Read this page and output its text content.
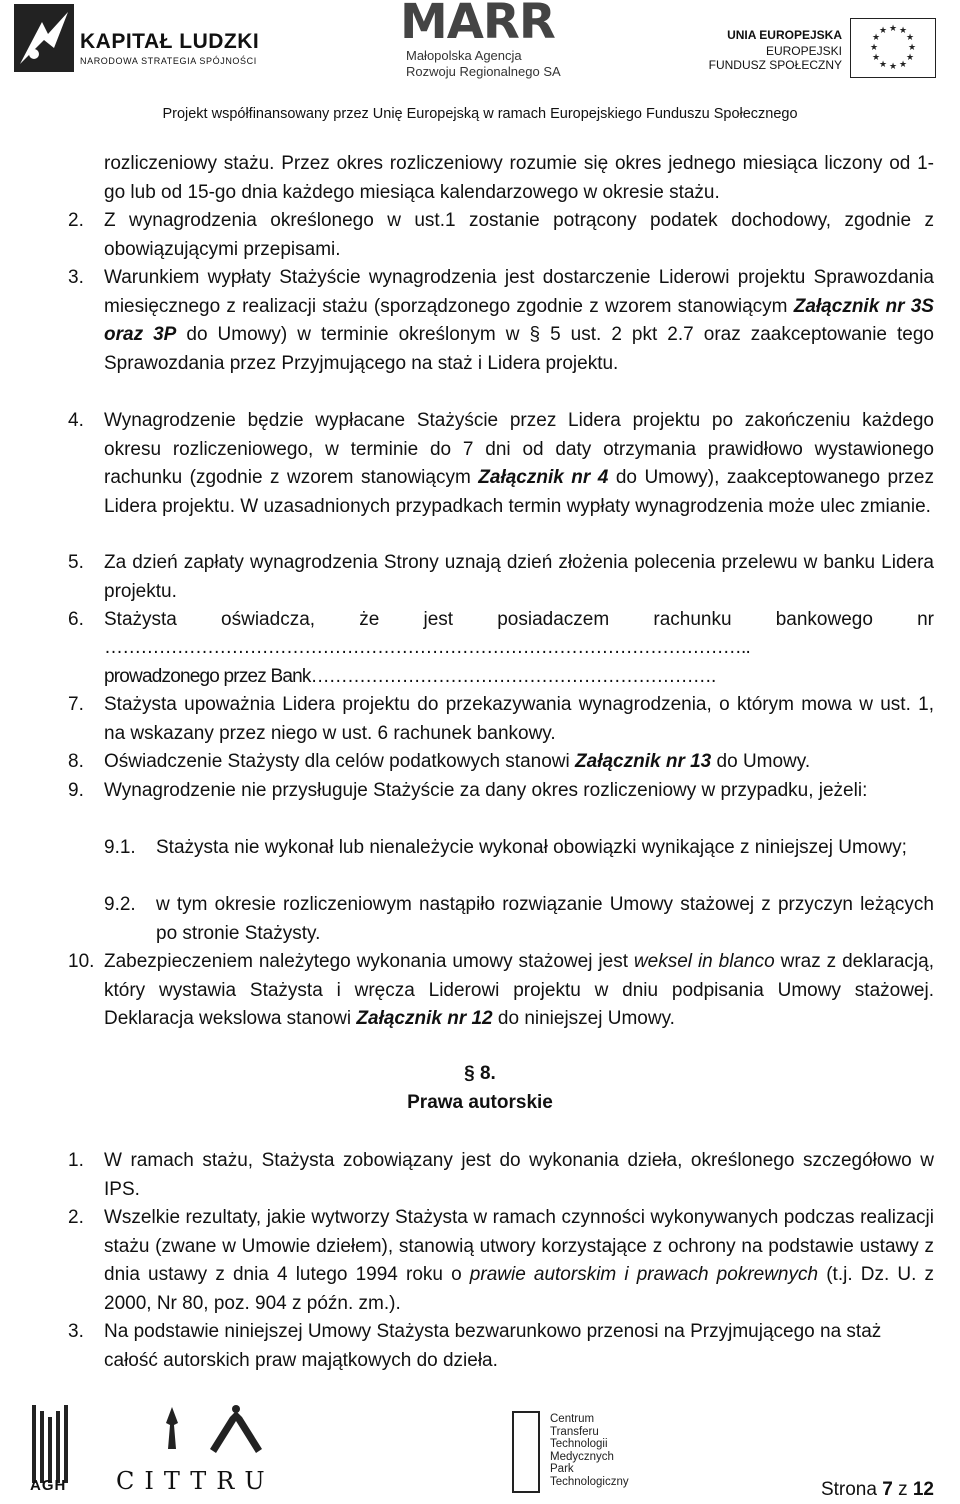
KAPITAŁ LUDZKI
NARODOWA STRATEGIA SPÓJNOŚCI
MARR
Małopolska Agencja
Rozwoju Regionalnego SA
UNIA EUROPEJSKA
EUROPEJSKI
FUNDUSZ SPOŁECZNY
★ ★
★
★
★
★
★
★
★
★
★
★
Projekt współfinansowany przez Unię Europejską w ramach Europejskiego Funduszu Społecznego
rozliczeniowy stażu. Przez okres rozliczeniowy rozumie się okres jednego miesiąca liczony od 1-go lub od 15-go dnia każdego miesiąca kalendarzowego w okresie stażu.
2. Z wynagrodzenia określonego w ust.1 zostanie potrącony podatek dochodowy, zgodnie z obowiązującymi przepisami.
3. Warunkiem wypłaty Stażyście wynagrodzenia jest dostarczenie Liderowi projektu Sprawozdania miesięcznego z realizacji stażu (sporządzonego zgodnie z wzorem stanowiącym Załącznik nr 3S oraz 3P do Umowy) w terminie określonym w § 5 ust. 2 pkt 2.7 oraz zaakceptowanie tego Sprawozdania przez Przyjmującego na staż i Lidera projektu.
4. Wynagrodzenie będzie wypłacane Stażyście przez Lidera projektu po zakończeniu każdego okresu rozliczeniowego, w terminie do 7 dni od daty otrzymania prawidłowo wystawionego rachunku (zgodnie z wzorem stanowiącym Załącznik nr 4 do Umowy), zaakceptowanego przez Lidera projektu. W uzasadnionych przypadkach termin wypłaty wynagrodzenia może ulec zmianie.
5. Za dzień zapłaty wynagrodzenia Strony uznają dzień złożenia polecenia przelewu w banku Lidera projektu.
6. Stażysta oświadcza, że jest posiadaczem rachunku bankowego nr
……………………………………………………………………………………………..
prowadzonego przez Bank………………………………………………………….
7. Stażysta upoważnia Lidera projektu do przekazywania wynagrodzenia, o którym mowa w ust. 1, na wskazany przez niego w ust. 6 rachunek bankowy.
8. Oświadczenie Stażysty dla celów podatkowych stanowi Załącznik nr 13 do Umowy.
9. Wynagrodzenie nie przysługuje Stażyście za dany okres rozliczeniowy w przypadku, jeżeli:
9.1. Stażysta nie wykonał lub nienależycie wykonał obowiązki wynikające z niniejszej Umowy;
9.2. w tym okresie rozliczeniowym nastąpiło rozwiązanie Umowy stażowej z przyczyn leżących po stronie Stażysty.
10. Zabezpieczeniem należytego wykonania umowy stażowej jest weksel in blanco wraz z deklaracją, który wystawia Stażysta i wręcza Liderowi projektu w dniu podpisania Umowy stażowej. Deklaracja wekslowa stanowi Załącznik nr 12 do niniejszej Umowy.
§ 8.
Prawa autorskie
1. W ramach stażu, Stażysta zobowiązany jest do wykonania dzieła, określonego szczegółowo w IPS.
2. Wszelkie rezultaty, jakie wytworzy Stażysta w ramach czynności wykonywanych podczas realizacji stażu (zwane w Umowie dziełem), stanowią utwory korzystające z ochrony na podstawie ustawy z dnia ustawy z dnia 4 lutego 1994 roku o prawie autorskim i prawach pokrewnych (t.j. Dz. U. z 2000, Nr 80, poz. 904 z późn. zm.).
3. Na podstawie niniejszej Umowy Stażysta bezwarunkowo przenosi na Przyjmującego na staż całość autorskich praw majątkowych do dzieła.
AGH CITTRU
Centrum
Transferu
Technologii
Medycznych
Park
Technologiczny	Strona 7 z 12
